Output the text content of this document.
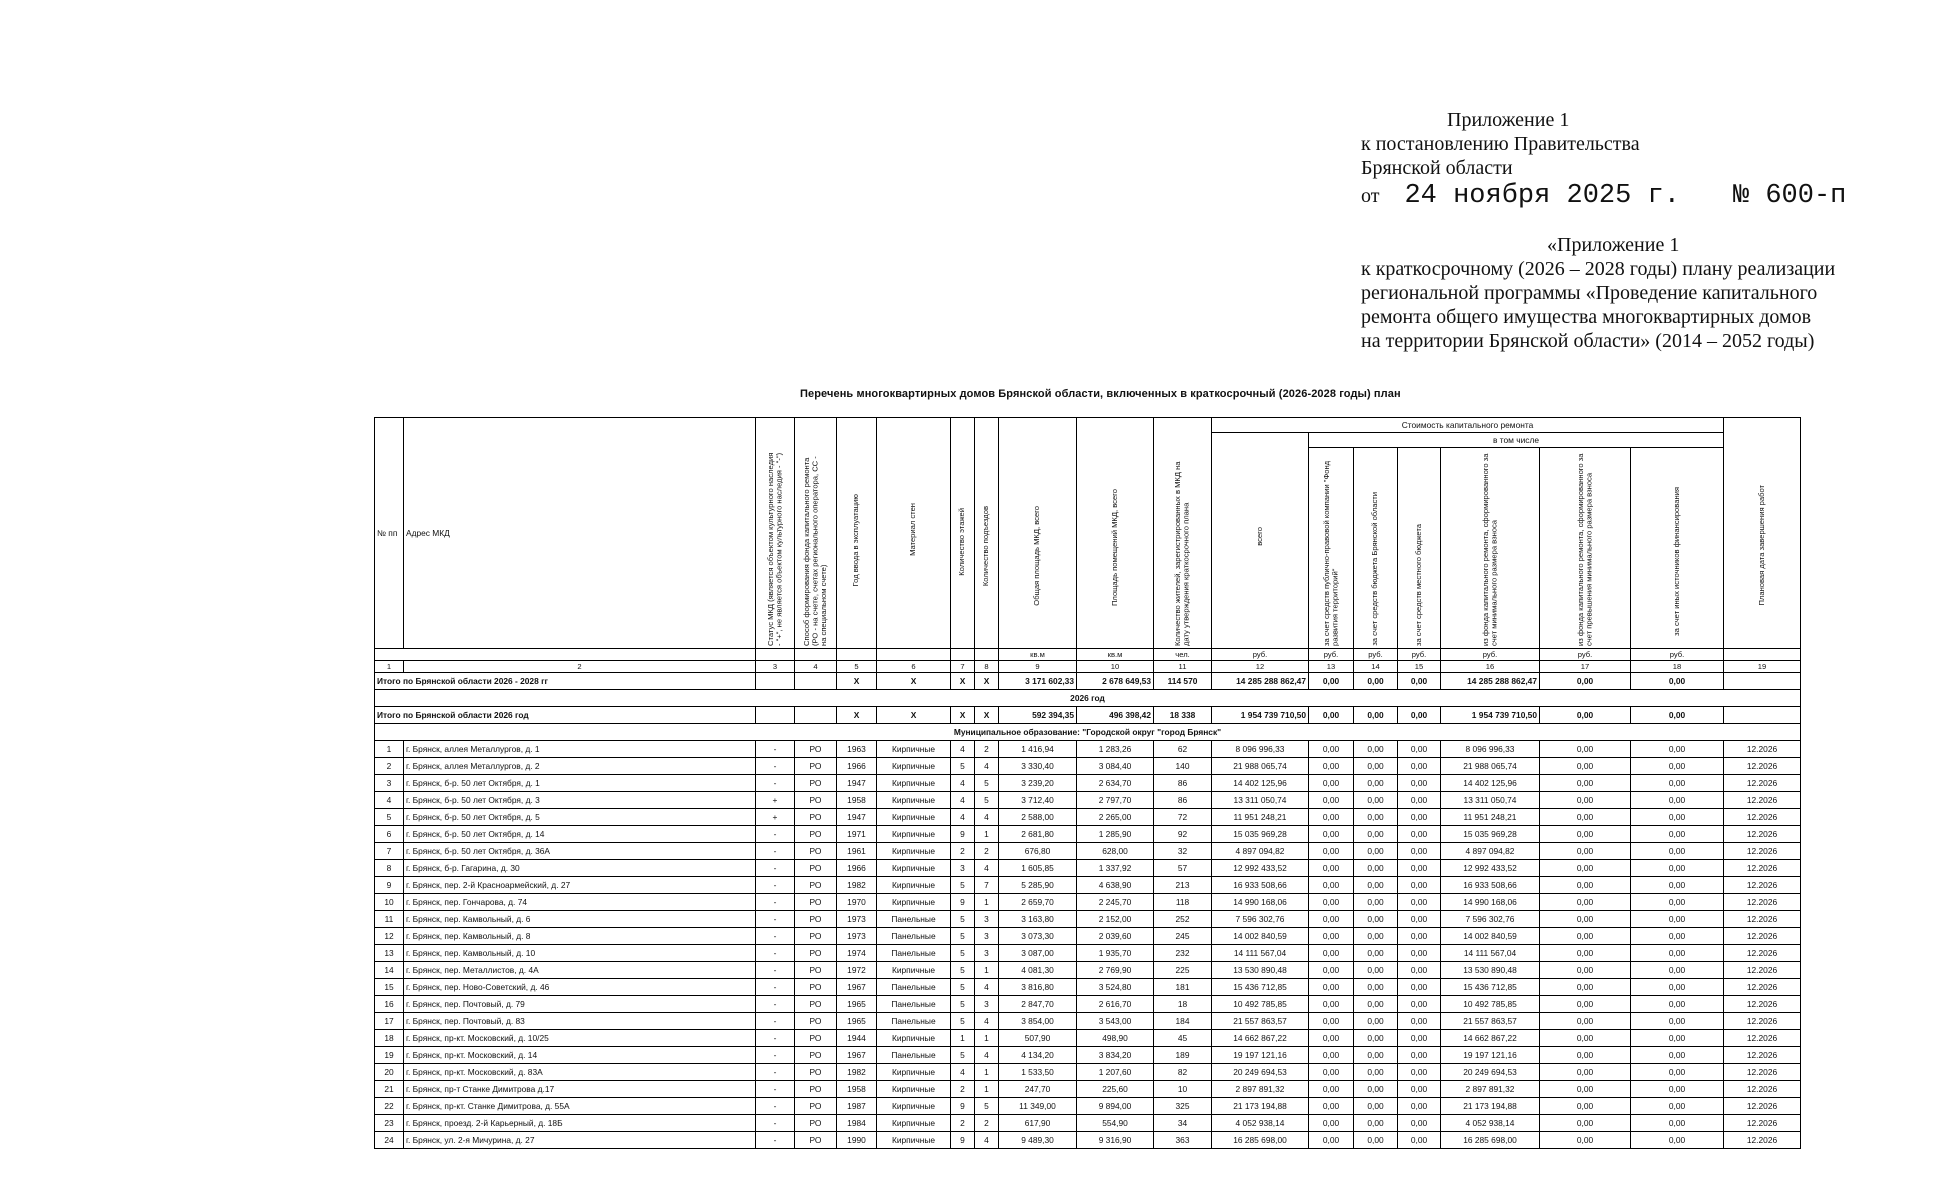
Приложение 1
к постановлению Правительства
Брянской области
от 24 ноября 2025 г. № 600-п
«Приложение 1
к краткосрочному (2026 – 2028 годы) плану реализации
региональной программы «Проведение капитального
ремонта общего имущества многоквартирных домов
на территории Брянской области» (2014 – 2052 годы)
Перечень многоквартирных домов Брянской области, включенных в краткосрочный (2026-2028 годы) план
№ пп	Адрес МКД	Статус МКД (является объектом культурного наследия - "+", не является объектом культурного наследия - "-")	Способ формирования фонда капитального ремонта (РО - на счете, счетах регионального оператора, СС - на специальном счете)	Год ввода в эксплуатацию	Материал стен	Количество этажей	Количество подъездов	Общая площадь МКД, всего	Площадь помещений МКД, всего	Количество жителей, зарегистрированных в МКД на дату утверждения краткосрочного плана	Стоимость капитального ремонта							Плановая дата завершения работ

											всего	в том числе						

												за счет средств публично-правовой компании "Фонд развития территорий"	за счет средств бюджета Брянской области	за счет средств местного бюджета	из фонда капитального ремонта, сформированного за счет минимального размера взноса	из фонда капитального ремонта, сформированного за счет превышения минимального размера взноса	за счет иных источников финансирования	

								кв.м	кв.м	чел.	руб.	руб.	руб.	руб.	руб.	руб.	руб.	
1	2	3	4	5	6	7	8	9	10	11	12	13	14	15	16	17	18	19
Итого по Брянской области 2026 - 2028 гг				X	X	X	X	3 171 602,33	2 678 649,53	114 570	14 285 288 862,47	0,00	0,00	0,00	14 285 288 862,47	0,00	0,00	
2026 год																		
Итого по Брянской области 2026 год				X	X	X	X	592 394,35	496 398,42	18 338	1 954 739 710,50	0,00	0,00	0,00	1 954 739 710,50	0,00	0,00	
Муниципальное образование: "Городской округ "город Брянск"																		
1	г. Брянск, аллея Металлургов, д. 1	-	РО	1963	Кирпичные	4	2	1 416,94	1 283,26	62	8 096 996,33	0,00	0,00	0,00	8 096 996,33	0,00	0,00	12.2026
2	г. Брянск, аллея Металлургов, д. 2	-	РО	1966	Кирпичные	5	4	3 330,40	3 084,40	140	21 988 065,74	0,00	0,00	0,00	21 988 065,74	0,00	0,00	12.2026
3	г. Брянск, б-р. 50 лет Октября, д. 1	-	РО	1947	Кирпичные	4	5	3 239,20	2 634,70	86	14 402 125,96	0,00	0,00	0,00	14 402 125,96	0,00	0,00	12.2026
4	г. Брянск, б-р. 50 лет Октября, д. 3	+	РО	1958	Кирпичные	4	5	3 712,40	2 797,70	86	13 311 050,74	0,00	0,00	0,00	13 311 050,74	0,00	0,00	12.2026
5	г. Брянск, б-р. 50 лет Октября, д. 5	+	РО	1947	Кирпичные	4	4	2 588,00	2 265,00	72	11 951 248,21	0,00	0,00	0,00	11 951 248,21	0,00	0,00	12.2026
6	г. Брянск, б-р. 50 лет Октября, д. 14	-	РО	1971	Кирпичные	9	1	2 681,80	1 285,90	92	15 035 969,28	0,00	0,00	0,00	15 035 969,28	0,00	0,00	12.2026
7	г. Брянск, б-р. 50 лет Октября, д. 36А	-	РО	1961	Кирпичные	2	2	676,80	628,00	32	4 897 094,82	0,00	0,00	0,00	4 897 094,82	0,00	0,00	12.2026
8	г. Брянск, б-р. Гагарина, д. 30	-	РО	1966	Кирпичные	3	4	1 605,85	1 337,92	57	12 992 433,52	0,00	0,00	0,00	12 992 433,52	0,00	0,00	12.2026
9	г. Брянск, пер. 2-й Красноармейский, д. 27	-	РО	1982	Кирпичные	5	7	5 285,90	4 638,90	213	16 933 508,66	0,00	0,00	0,00	16 933 508,66	0,00	0,00	12.2026
10	г. Брянск, пер. Гончарова, д. 74	-	РО	1970	Кирпичные	9	1	2 659,70	2 245,70	118	14 990 168,06	0,00	0,00	0,00	14 990 168,06	0,00	0,00	12.2026
11	г. Брянск, пер. Камвольный, д. 6	-	РО	1973	Панельные	5	3	3 163,80	2 152,00	252	7 596 302,76	0,00	0,00	0,00	7 596 302,76	0,00	0,00	12.2026
12	г. Брянск, пер. Камвольный, д. 8	-	РО	1973	Панельные	5	3	3 073,30	2 039,60	245	14 002 840,59	0,00	0,00	0,00	14 002 840,59	0,00	0,00	12.2026
13	г. Брянск, пер. Камвольный, д. 10	-	РО	1974	Панельные	5	3	3 087,00	1 935,70	232	14 111 567,04	0,00	0,00	0,00	14 111 567,04	0,00	0,00	12.2026
14	г. Брянск, пер. Металлистов, д. 4А	-	РО	1972	Кирпичные	5	1	4 081,30	2 769,90	225	13 530 890,48	0,00	0,00	0,00	13 530 890,48	0,00	0,00	12.2026
15	г. Брянск, пер. Ново-Советский, д. 46	-	РО	1967	Панельные	5	4	3 816,80	3 524,80	181	15 436 712,85	0,00	0,00	0,00	15 436 712,85	0,00	0,00	12.2026
16	г. Брянск, пер. Почтовый, д. 79	-	РО	1965	Панельные	5	3	2 847,70	2 616,70	18	10 492 785,85	0,00	0,00	0,00	10 492 785,85	0,00	0,00	12.2026
17	г. Брянск, пер. Почтовый, д. 83	-	РО	1965	Панельные	5	4	3 854,00	3 543,00	184	21 557 863,57	0,00	0,00	0,00	21 557 863,57	0,00	0,00	12.2026
18	г. Брянск, пр-кт. Московский, д. 10/25	-	РО	1944	Кирпичные	1	1	507,90	498,90	45	14 662 867,22	0,00	0,00	0,00	14 662 867,22	0,00	0,00	12.2026
19	г. Брянск, пр-кт. Московский, д. 14	-	РО	1967	Панельные	5	4	4 134,20	3 834,20	189	19 197 121,16	0,00	0,00	0,00	19 197 121,16	0,00	0,00	12.2026
20	г. Брянск, пр-кт. Московский, д. 83А	-	РО	1982	Кирпичные	4	1	1 533,50	1 207,60	82	20 249 694,53	0,00	0,00	0,00	20 249 694,53	0,00	0,00	12.2026
21	г. Брянск, пр-т Станке Димитрова д.17	-	РО	1958	Кирпичные	2	1	247,70	225,60	10	2 897 891,32	0,00	0,00	0,00	2 897 891,32	0,00	0,00	12.2026
22	г. Брянск, пр-кт. Станке Димитрова, д. 55А	-	РО	1987	Кирпичные	9	5	11 349,00	9 894,00	325	21 173 194,88	0,00	0,00	0,00	21 173 194,88	0,00	0,00	12.2026
23	г. Брянск, проезд. 2-й Карьерный, д. 18Б	-	РО	1984	Кирпичные	2	2	617,90	554,90	34	4 052 938,14	0,00	0,00	0,00	4 052 938,14	0,00	0,00	12.2026
24	г. Брянск, ул. 2-я Мичурина, д. 27	-	РО	1990	Кирпичные	9	4	9 489,30	9 316,90	363	16 285 698,00	0,00	0,00	0,00	16 285 698,00	0,00	0,00	12.2026
